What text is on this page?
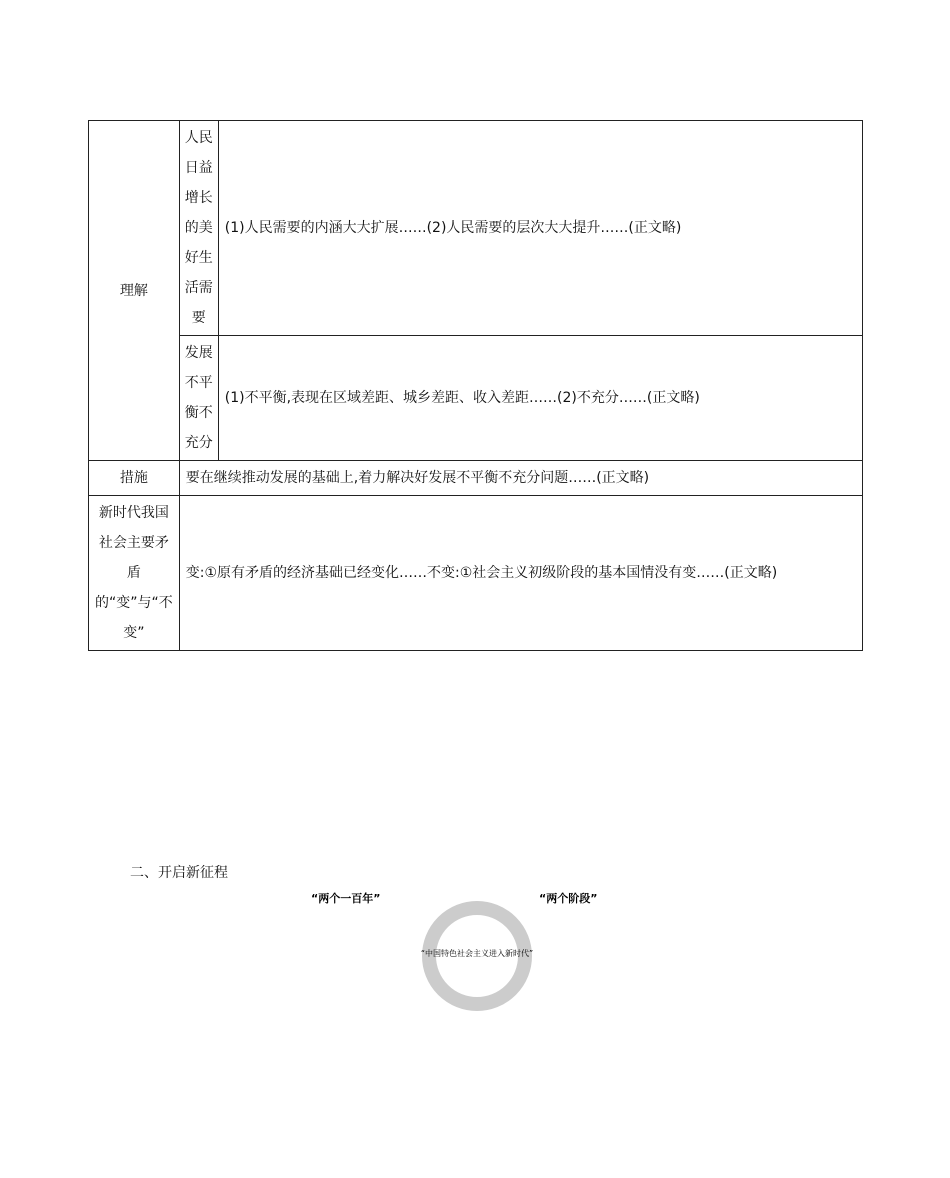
理解	人民日益增长的美好生活需要	(1)人民需要的内涵大大扩展……(2)人民需要的层次大大提升……(正文略)
	发展不平衡不充分	(1)不平衡,表现在区域差距、城乡差距、收入差距……(2)不充分……(正文略)
措施	要在继续推动发展的基础上,着力解决好发展不平衡不充分问题……(正文略)	
新时代我国社会主要矛盾的“变”与“不变”	变:①原有矛盾的经济基础已经变化……不变:①社会主义初级阶段的基本国情没有变……(正文略)	
二、开启新征程
“两个一百年”	“两个阶段”
“中国特色社会主义进入新时代”
